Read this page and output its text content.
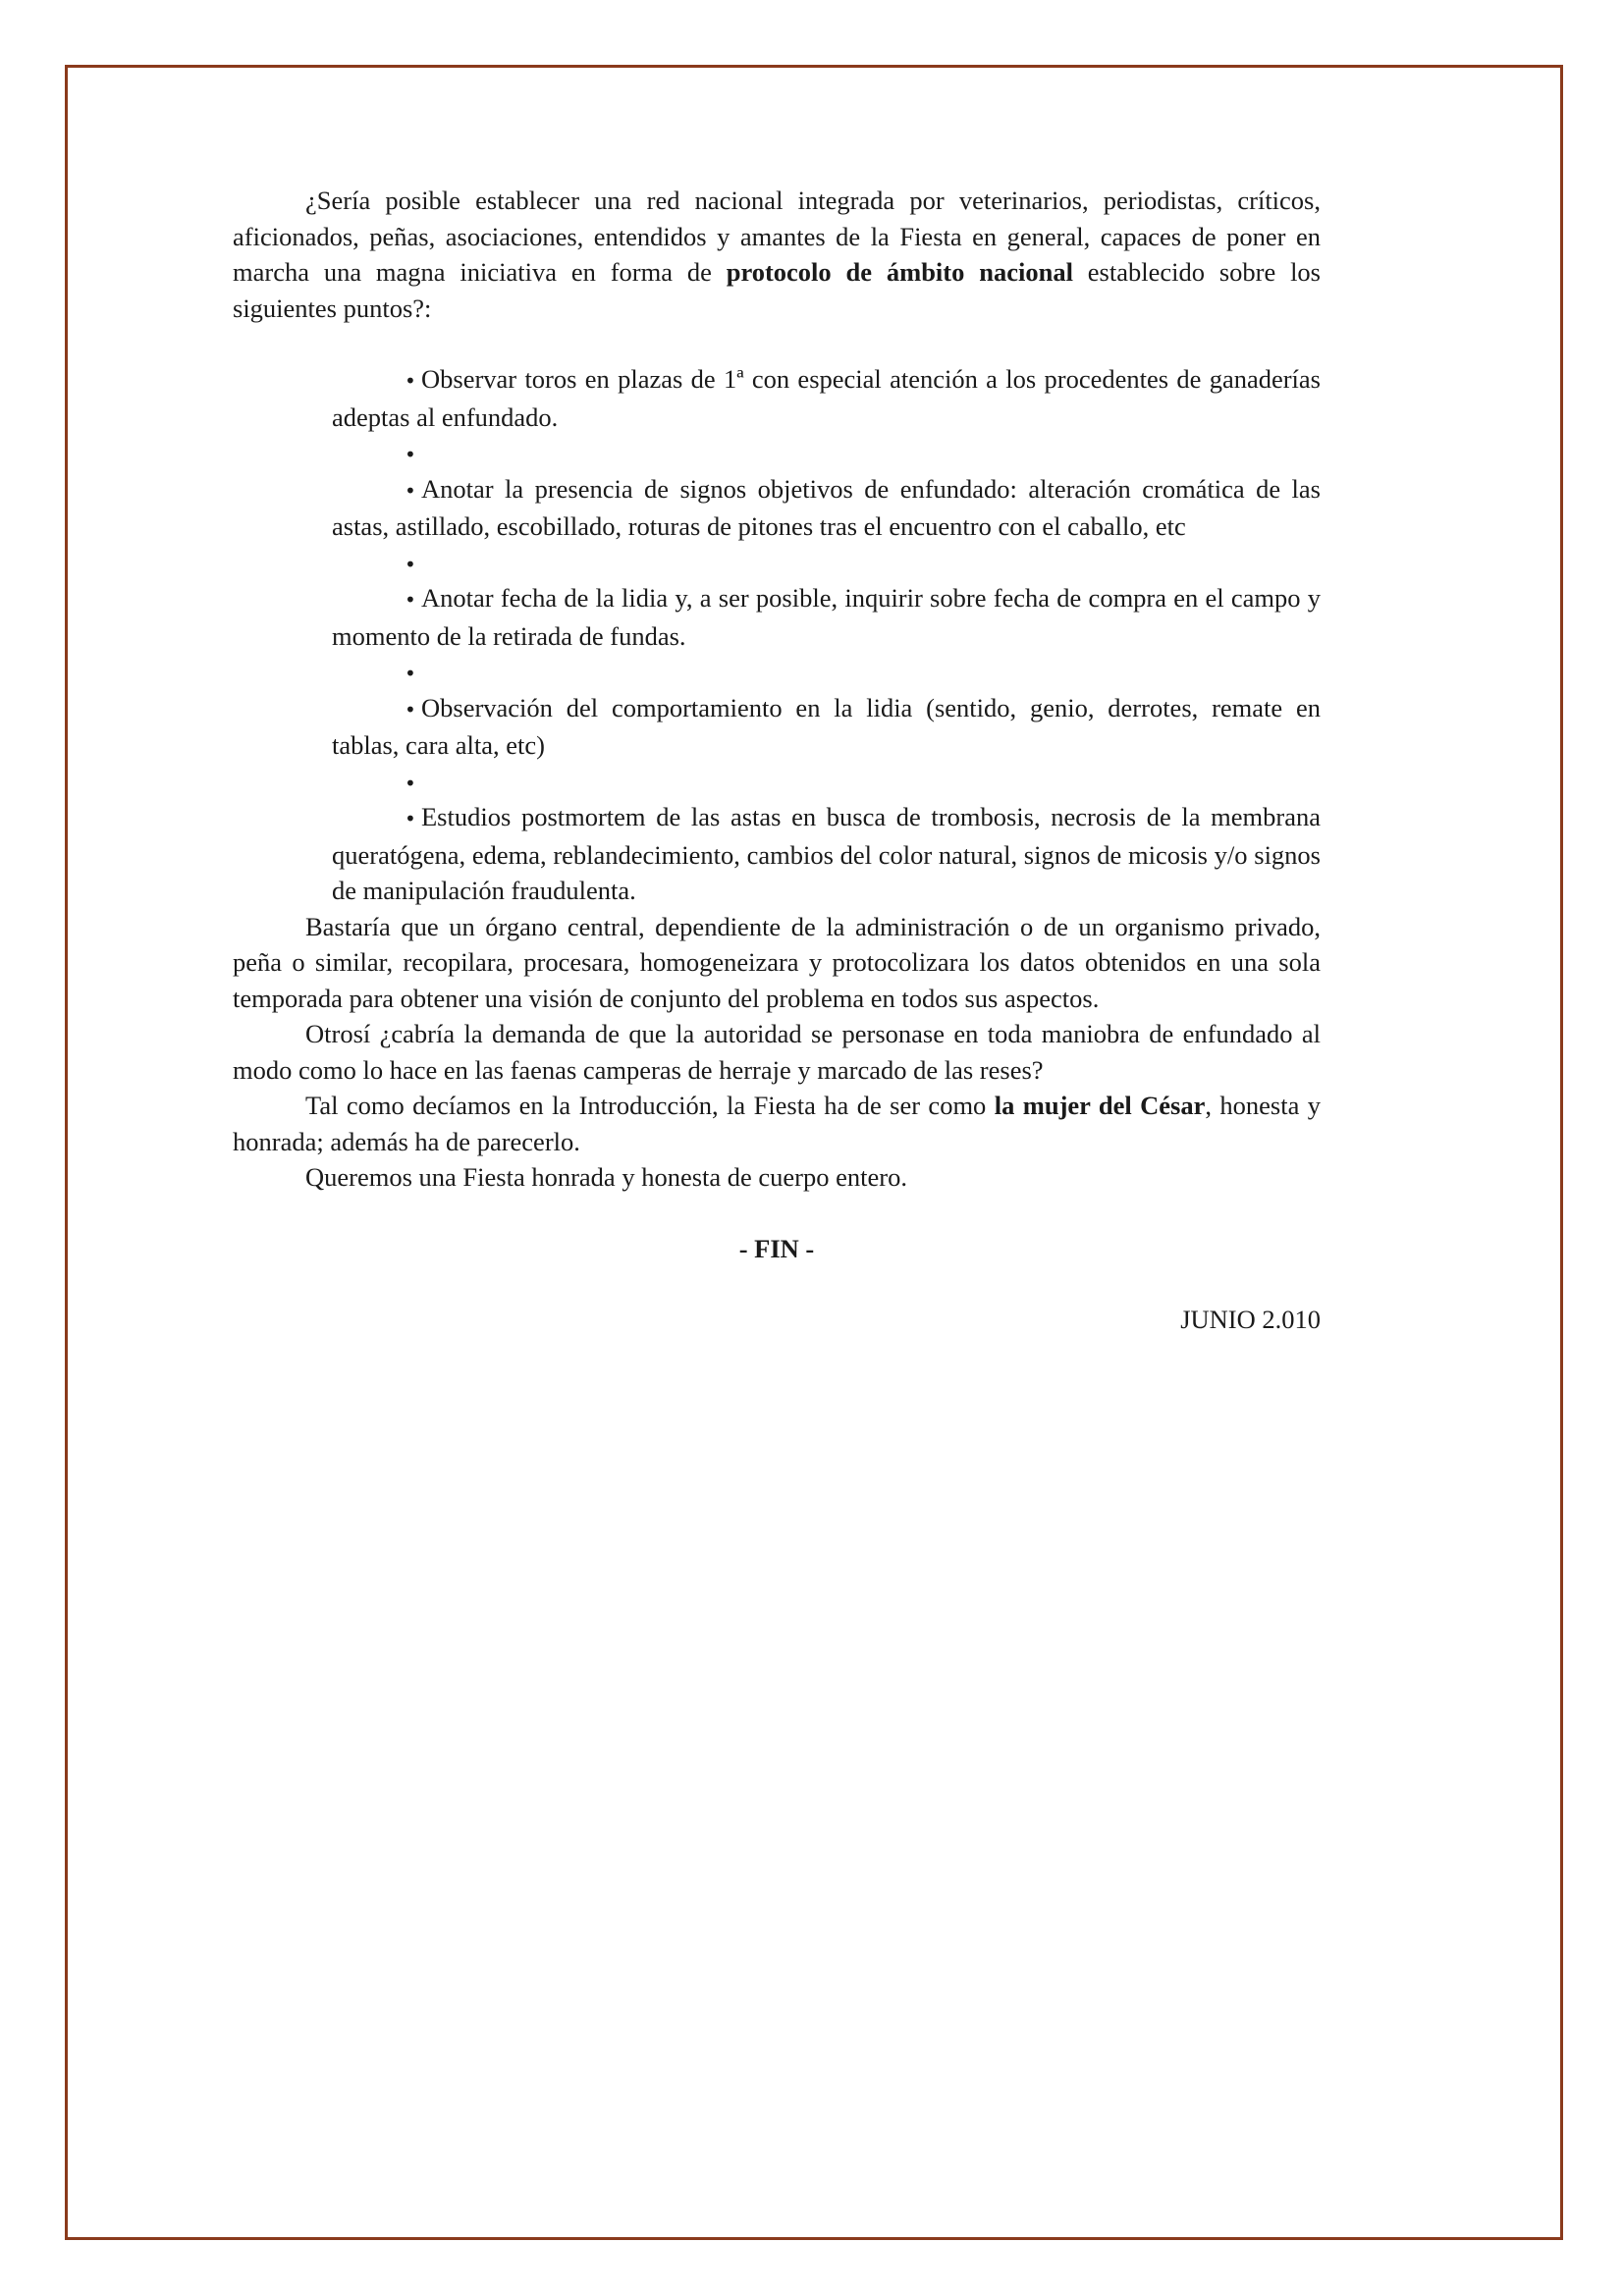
¿Sería posible establecer una red nacional integrada por veterinarios, periodistas, críticos, aficionados, peñas, asociaciones, entendidos y amantes de la Fiesta en general, capaces de poner en marcha una magna iniciativa en forma de protocolo de ámbito nacional establecido sobre los siguientes puntos?:

• Observar toros en plazas de 1ª con especial atención a los procedentes de ganaderías adeptas al enfundado.

•

• Anotar la presencia de signos objetivos de enfundado: alteración cromática de las astas, astillado, escobillado, roturas de pitones tras el encuentro con el caballo, etc

•

• Anotar fecha de la lidia y, a ser posible, inquirir sobre fecha de compra en el campo y momento de la retirada de fundas.

•

• Observación del comportamiento en la lidia (sentido, genio, derrotes, remate en tablas, cara alta, etc)

•

• Estudios postmortem de las astas en busca de trombosis, necrosis de la membrana queratógena, edema, reblandecimiento, cambios del color natural, signos de micosis y/o signos de manipulación fraudulenta.

Bastaría que un órgano central, dependiente de la administración o de un organismo privado, peña o similar, recopilara, procesara, homogeneizara y protocolizara los datos obtenidos en una sola temporada para obtener una visión de conjunto del problema en todos sus aspectos.

Otrosí ¿cabría la demanda de que la autoridad se personase en toda maniobra de enfundado al modo como lo hace en las faenas camperas de herraje y marcado de las reses?

Tal como decíamos en la Introducción, la Fiesta ha de ser como la mujer del César, honesta y honrada; además ha de parecerlo.

Queremos una Fiesta honrada y honesta de cuerpo entero.

- FIN -

JUNIO 2.010
